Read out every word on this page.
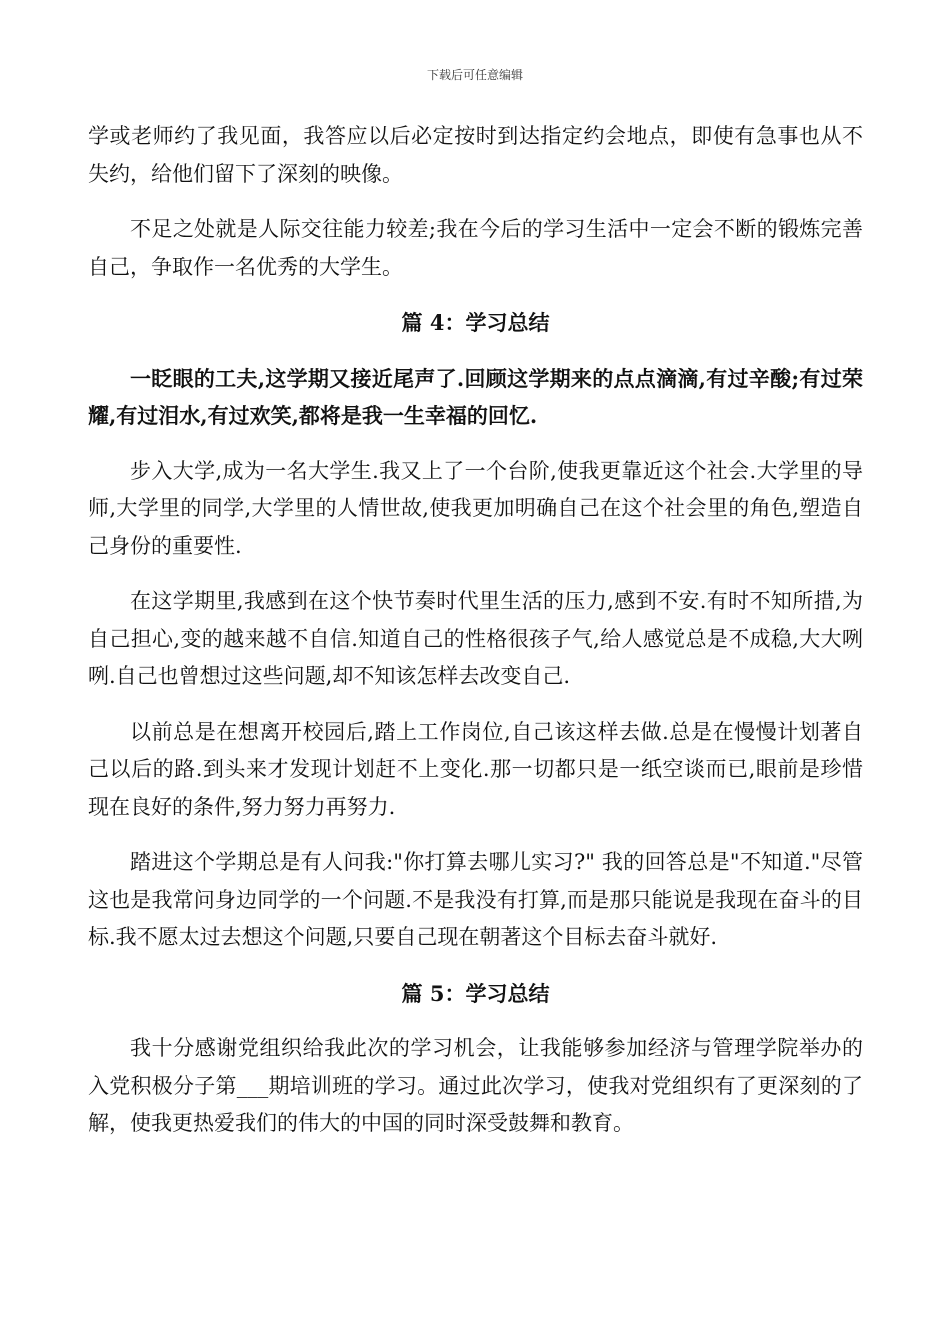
下载后可任意编辑

学或老师约了我见面，我答应以后必定按时到达指定约会地点，即使有急事也从不失约，给他们留下了深刻的映像。

不足之处就是人际交往能力较差;我在今后的学习生活中一定会不断的锻炼完善自己，争取作一名优秀的大学生。

篇 4：学习总结

一眨眼的工夫,这学期又接近尾声了.回顾这学期来的点点滴滴,有过辛酸;有过荣耀,有过泪水,有过欢笑,都将是我一生幸福的回忆.

步入大学,成为一名大学生.我又上了一个台阶,使我更靠近这个社会.大学里的导师,大学里的同学,大学里的人情世故,使我更加明确自己在这个社会里的角色,塑造自己身份的重要性.

在这学期里,我感到在这个快节奏时代里生活的压力,感到不安.有时不知所措,为自己担心,变的越来越不自信.知道自己的性格很孩子气,给人感觉总是不成稳,大大咧咧.自己也曾想过这些问题,却不知该怎样去改变自己.

以前总是在想离开校园后,踏上工作岗位,自己该这样去做.总是在慢慢计划著自己以后的路.到头来才发现计划赶不上变化.那一切都只是一纸空谈而已,眼前是珍惜现在良好的条件,努力努力再努力.

踏进这个学期总是有人问我:"你打算去哪儿实习?" 我的回答总是"不知道."尽管这也是我常问身边同学的一个问题.不是我没有打算,而是那只能说是我现在奋斗的目标.我不愿太过去想这个问题,只要自己现在朝著这个目标去奋斗就好.

篇 5：学习总结

我十分感谢党组织给我此次的学习机会，让我能够参加经济与管理学院举办的入党积极分子第___期培训班的学习。通过此次学习，使我对党组织有了更深刻的了解，使我更热爱我们的伟大的中国的同时深受鼓舞和教育。
